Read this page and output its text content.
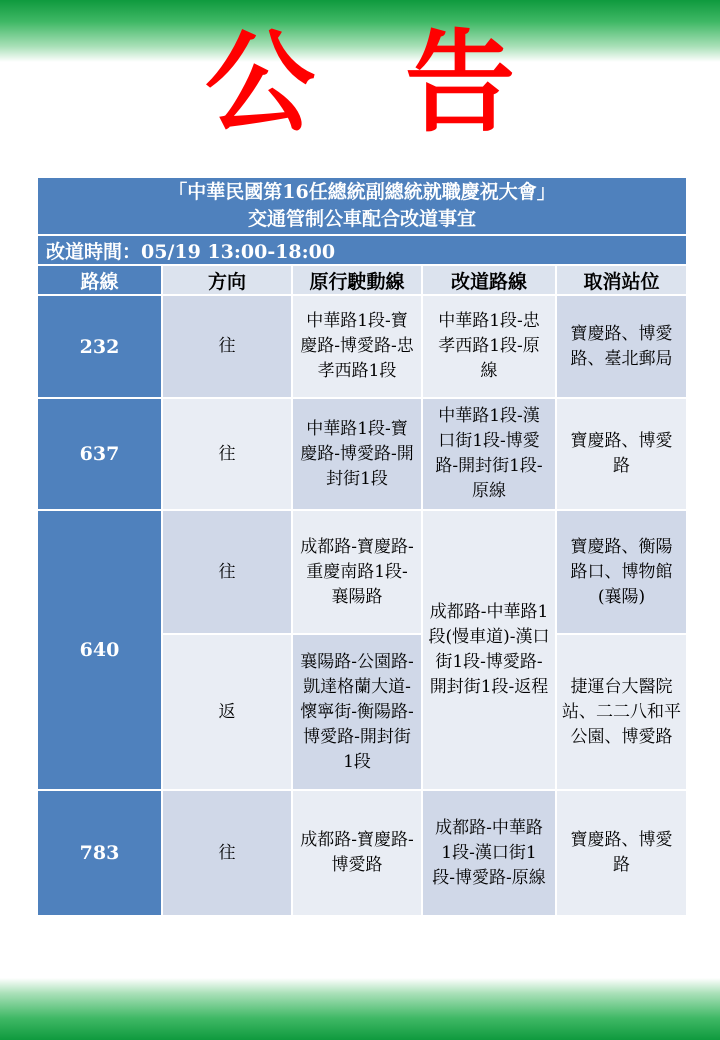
公告
「中華民國第16任總統副總統就職慶祝大會」
交通管制公車配合改道事宜				

改道時間：05/19 13:00-18:00				
路線	方向	原行駛動線	改道路線	取消站位
232	往	中華路1段-寶慶路-博愛路-忠孝西路1段	中華路1段-忠孝西路1段-原線	寶慶路、博愛路、臺北郵局

637	往	中華路1段-寶慶路-博愛路-開封街1段	中華路1段-漢口街1段-博愛路-開封街1段-原線	寶慶路、博愛路

640	往	成都路-寶慶路-重慶南路1段-襄陽路	成都路-中華路1段(慢車道)-漢口街1段-博愛路-開封街1段-返程	寶慶路、衡陽路口、博物館(襄陽)

	返	襄陽路-公園路-凱達格蘭大道-懷寧街-衡陽路-博愛路-開封街1段		捷運台大醫院站、二二八和平公園、博愛路

783	往	成都路-寶慶路-博愛路	成都路-中華路1段-漢口街1段-博愛路-原線	寶慶路、博愛路
